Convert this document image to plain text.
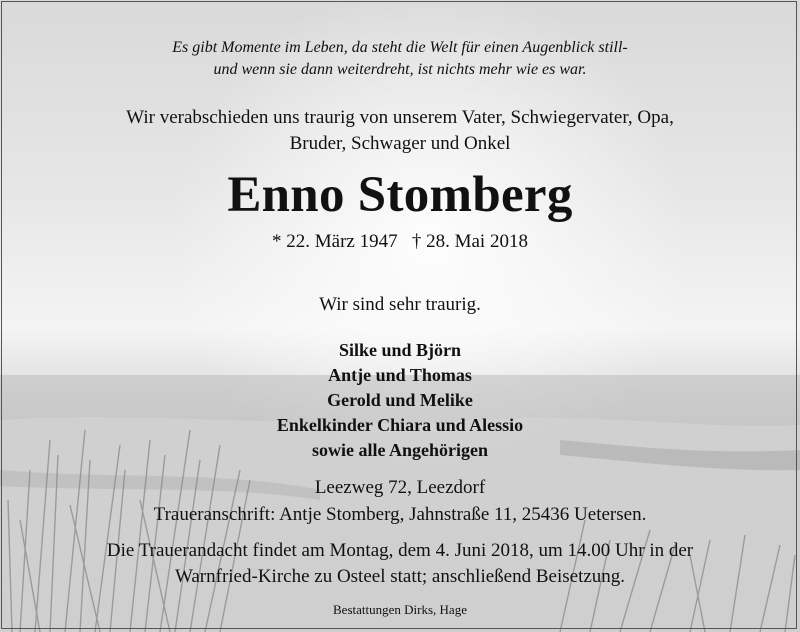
Es gibt Momente im Leben, da steht die Welt für einen Augenblick still-
und wenn sie dann weiterdreht, ist nichts mehr wie es war.
Wir verabschieden uns traurig von unserem Vater, Schwiegervater, Opa,
Bruder, Schwager und Onkel
Enno Stomberg
* 22. März 1947   † 28. Mai 2018
Wir sind sehr traurig.
Silke und Björn
Antje und Thomas
Gerold und Melike
Enkelkinder Chiara und Alessio
sowie alle Angehörigen
Leezweg 72, Leezdorf
Traueranschrift: Antje Stomberg, Jahnstraße 11, 25436 Uetersen.
Die Trauerandacht findet am Montag, dem 4. Juni 2018, um 14.00 Uhr in der
Warnfried-Kirche zu Osteel statt; anschließend Beisetzung.
Bestattungen Dirks, Hage
